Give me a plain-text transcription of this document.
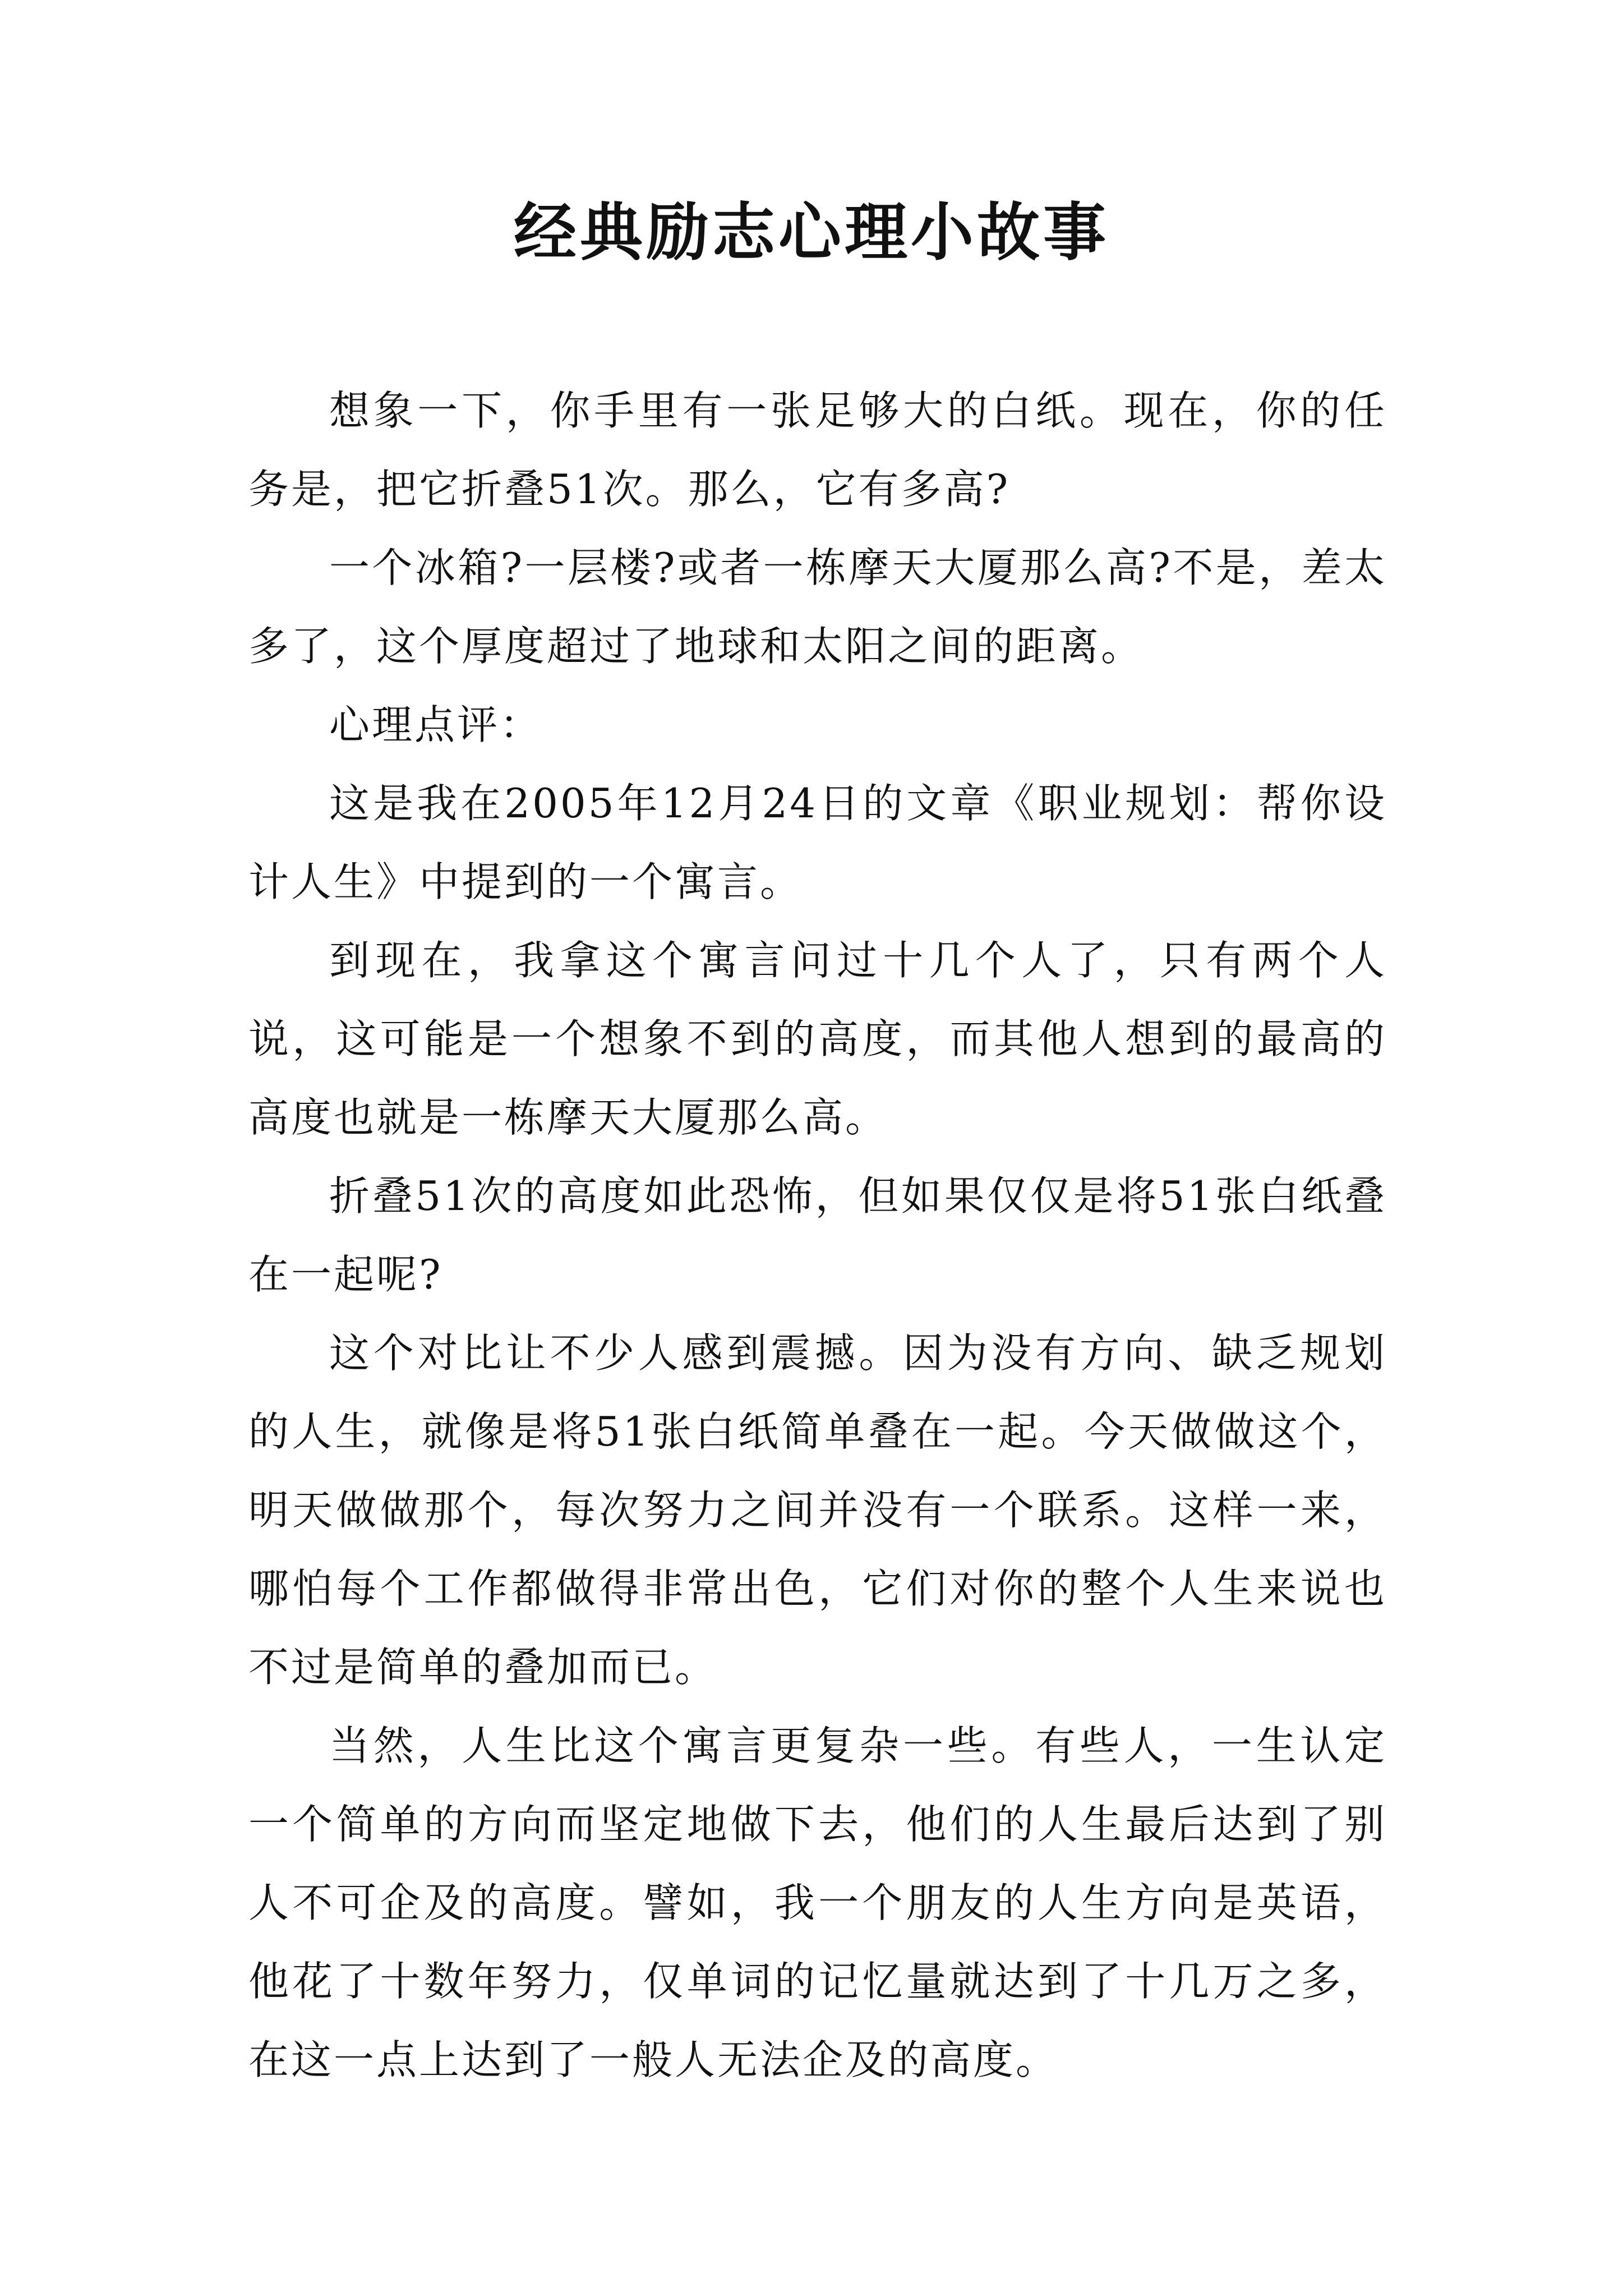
经典励志心理小故事

想象一下，你手里有一张足够大的白纸。现在，你的任务是，把它折叠51次。那么，它有多高?

一个冰箱?一层楼?或者一栋摩天大厦那么高?不是，差太多了，这个厚度超过了地球和太阳之间的距离。

心理点评：

这是我在2005年12月24日的文章《职业规划：帮你设计人生》中提到的一个寓言。

到现在，我拿这个寓言问过十几个人了，只有两个人说，这可能是一个想象不到的高度，而其他人想到的最高的高度也就是一栋摩天大厦那么高。

折叠51次的高度如此恐怖，但如果仅仅是将51张白纸叠在一起呢?

这个对比让不少人感到震撼。因为没有方向、缺乏规划的人生，就像是将51张白纸简单叠在一起。今天做做这个，明天做做那个，每次努力之间并没有一个联系。这样一来，哪怕每个工作都做得非常出色，它们对你的整个人生来说也不过是简单的叠加而已。

当然，人生比这个寓言更复杂一些。有些人，一生认定一个简单的方向而坚定地做下去，他们的人生最后达到了别人不可企及的高度。譬如，我一个朋友的人生方向是英语，他花了十数年努力，仅单词的记忆量就达到了十几万之多，在这一点上达到了一般人无法企及的高度。
